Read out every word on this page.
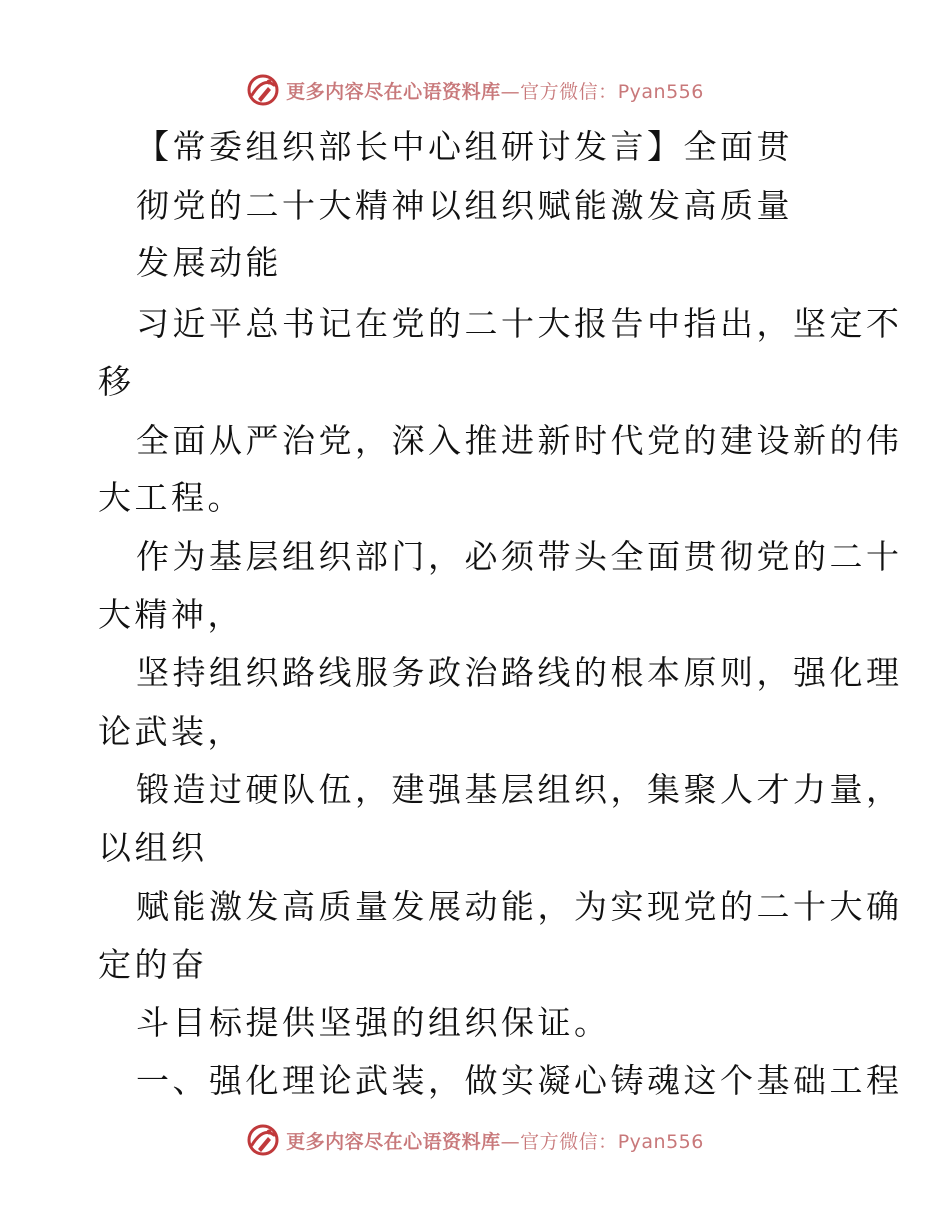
更多内容尽在心语资料库—官方微信：Pyan556
【常委组织部长中心组研讨发言】全面贯
彻党的二十大精神以组织赋能激发高质量
发展动能
习近平总书记在党的二十大报告中指出，坚定不
移
全面从严治党，深入推进新时代党的建设新的伟
大工程。
作为基层组织部门，必须带头全面贯彻党的二十
大精神，
坚持组织路线服务政治路线的根本原则，强化理
论武装，
锻造过硬队伍，建强基层组织，集聚人才力量，
以组织
赋能激发高质量发展动能，为实现党的二十大确
定的奋
斗目标提供坚强的组织保证。
一、强化理论武装，做实凝心铸魂这个基础工程
更多内容尽在心语资料库—官方微信：Pyan556
